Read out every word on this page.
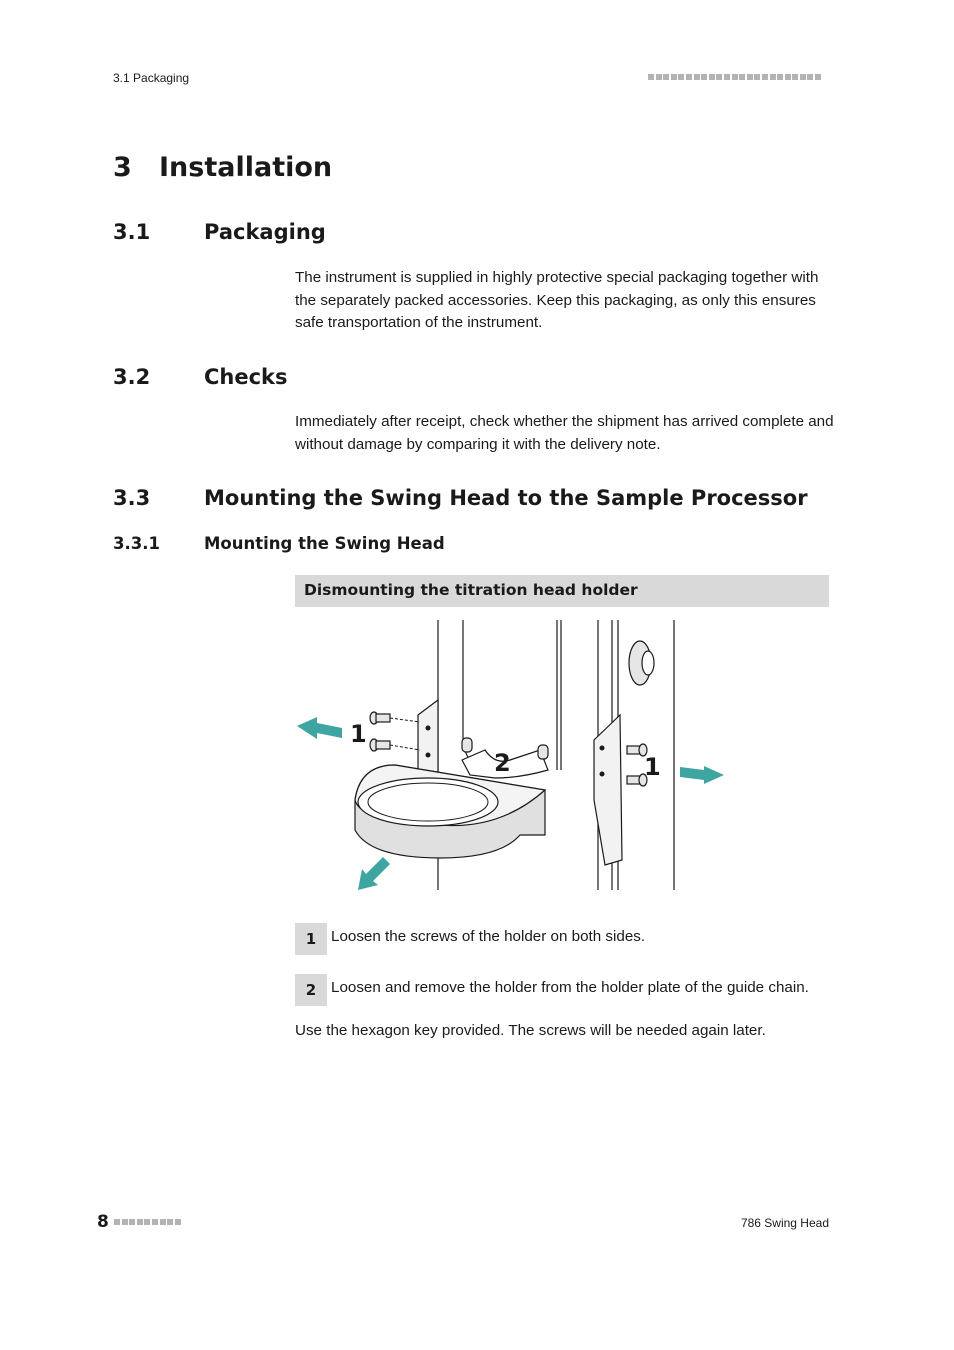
3.1 Packaging
3 Installation
3.1	Packaging

The instrument is supplied in highly protective special packaging together with the separately packed accessories. Keep this packaging, as only this ensures safe transportation of the instrument.

3.2	Checks

Immediately after receipt, check whether the shipment has arrived complete and without damage by comparing it with the delivery note.

3.3	Mounting the Swing Head to the Sample Processor
3.3.1	Mounting the Swing Head
Dismounting the titration head holder
1
2	1
1 Loosen the screws of the holder on both sides.
2 Loosen and remove the holder from the holder plate of the guide chain.

Use the hexagon key provided. The screws will be needed again later.

8	786 Swing Head
